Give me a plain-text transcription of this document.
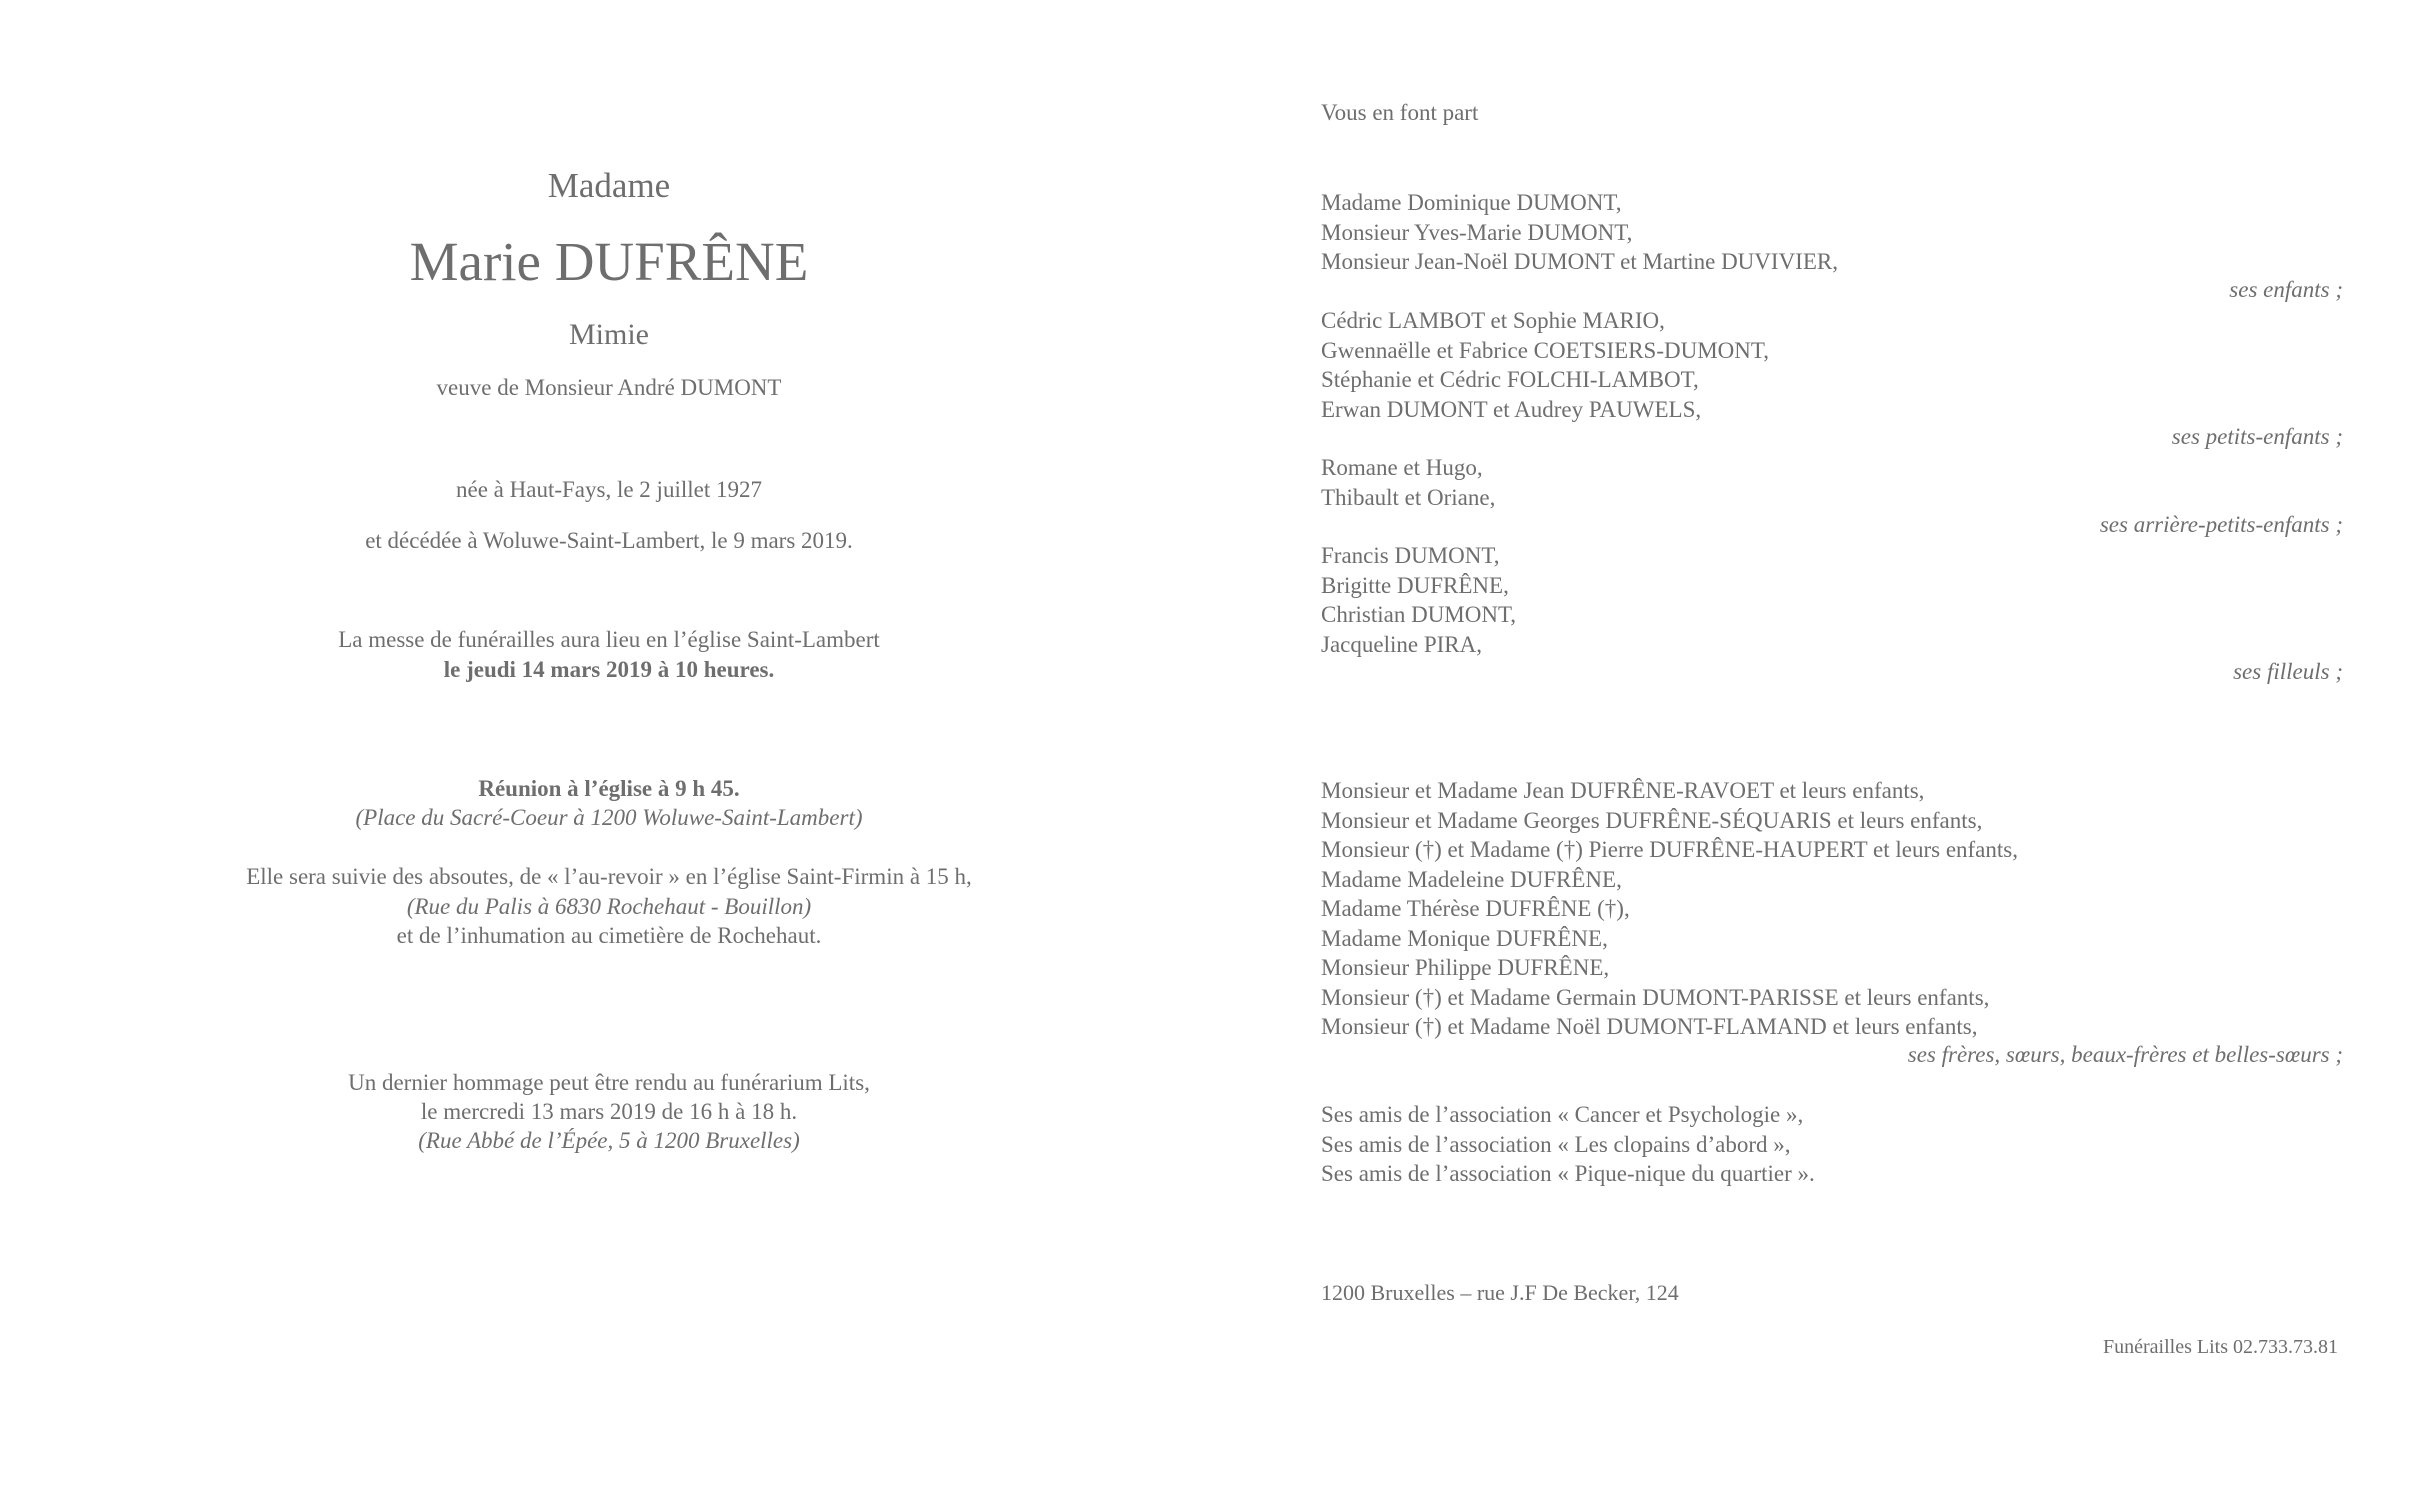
Madame
Marie DUFRÊNE
Mimie
veuve de Monsieur André DUMONT
née à Haut-Fays, le 2 juillet 1927
et décédée à Woluwe-Saint-Lambert, le 9 mars 2019.
La messe de funérailles aura lieu en l’église Saint-Lambert
le jeudi 14 mars 2019 à 10 heures.
Réunion à l’église à 9 h 45.
(Place du Sacré-Coeur à 1200 Woluwe-Saint-Lambert)
Elle sera suivie des absoutes, de « l’au-revoir » en l’église Saint-Firmin à 15 h,
(Rue du Palis à 6830 Rochehaut - Bouillon)
et de l’inhumation au cimetière de Rochehaut.
Un dernier hommage peut être rendu au funérarium Lits,
le mercredi 13 mars 2019 de 16 h à 18 h.
(Rue Abbé de l’Épée, 5 à 1200 Bruxelles)
Vous en font part
Madame Dominique DUMONT,
Monsieur Yves-Marie DUMONT,
Monsieur Jean-Noël DUMONT et Martine DUVIVIER,
ses enfants ;
Cédric LAMBOT et Sophie MARIO,
Gwennaëlle et Fabrice COETSIERS-DUMONT,
Stéphanie et Cédric FOLCHI-LAMBOT,
Erwan DUMONT et Audrey PAUWELS,
ses petits-enfants ;
Romane et Hugo,
Thibault et Oriane,
ses arrière-petits-enfants ;
Francis DUMONT,
Brigitte DUFRÊNE,
Christian DUMONT,
Jacqueline PIRA,
ses filleuls ;
Monsieur et Madame Jean DUFRÊNE-RAVOET et leurs enfants,
Monsieur et Madame Georges DUFRÊNE-SÉQUARIS et leurs enfants,
Monsieur (†) et Madame (†) Pierre DUFRÊNE-HAUPERT et leurs enfants,
Madame Madeleine DUFRÊNE,
Madame Thérèse DUFRÊNE (†),
Madame Monique DUFRÊNE,
Monsieur Philippe DUFRÊNE,
Monsieur (†) et Madame Germain DUMONT-PARISSE et leurs enfants,
Monsieur (†) et Madame Noël DUMONT-FLAMAND et leurs enfants,
ses frères, sœurs, beaux-frères et belles-sœurs ;
Ses amis de l’association « Cancer et Psychologie »,
Ses amis de l’association « Les clopains d’abord »,
Ses amis de l’association « Pique-nique du quartier ».
1200 Bruxelles – rue J.F De Becker, 124
Funérailles Lits 02.733.73.81
